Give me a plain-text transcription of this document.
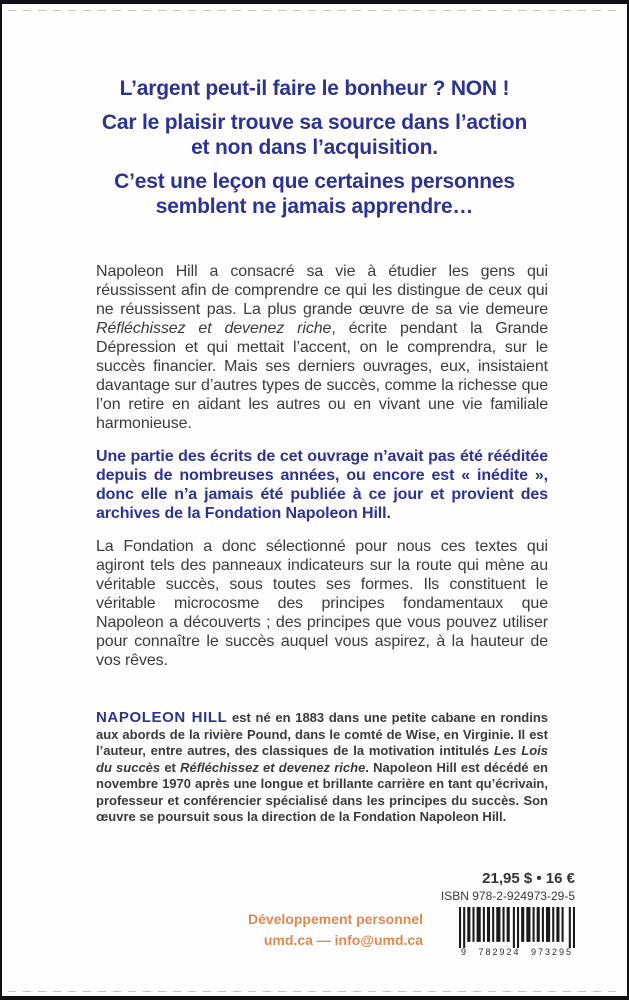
L’argent peut-il faire le bonheur ? NON !

Car le plaisir trouve sa source dans l’action
et non dans l’acquisition.

C’est une leçon que certaines personnes
semblent ne jamais apprendre…

Napoleon Hill a consacré sa vie à étudier les gens qui réussissent afin de comprendre ce qui les distingue de ceux qui ne réussissent pas. La plus grande œuvre de sa vie demeure Réfléchissez et devenez riche, écrite pendant la Grande Dépression et qui mettait l’accent, on le comprendra, sur le succès financier. Mais ses derniers ouvrages, eux, insistaient davantage sur d’autres types de succès, comme la richesse que l’on retire en aidant les autres ou en vivant une vie familiale harmonieuse.

Une partie des écrits de cet ouvrage n’avait pas été rééditée depuis de nombreuses années, ou encore est « inédite », donc elle n’a jamais été publiée à ce jour et provient des archives de la Fondation Napoleon Hill.

La Fondation a donc sélectionné pour nous ces textes qui agiront tels des panneaux indicateurs sur la route qui mène au véritable succès, sous toutes ses formes. Ils constituent le véritable microcosme des principes fondamentaux que Napoleon a découverts ; des principes que vous pouvez utiliser pour connaître le succès auquel vous aspirez, à la hauteur de vos rêves.

NAPOLEON HILL est né en 1883 dans une petite cabane en rondins aux abords de la rivière Pound, dans le comté de Wise, en Virginie. Il est l’auteur, entre autres, des classiques de la motivation intitulés Les Lois du succès et Réfléchissez et devenez riche. Napoleon Hill est décédé en novembre 1970 après une longue et brillante carrière en tant qu’écrivain, professeur et conférencier spécialisé dans les principes du succès. Son œuvre se poursuit sous la direction de la Fondation Napoleon Hill.
21,95 $ • 16 €
ISBN 978-2-924973-29-5
9 782924 973295
Développement personnel
umd.ca — info@umd.ca
